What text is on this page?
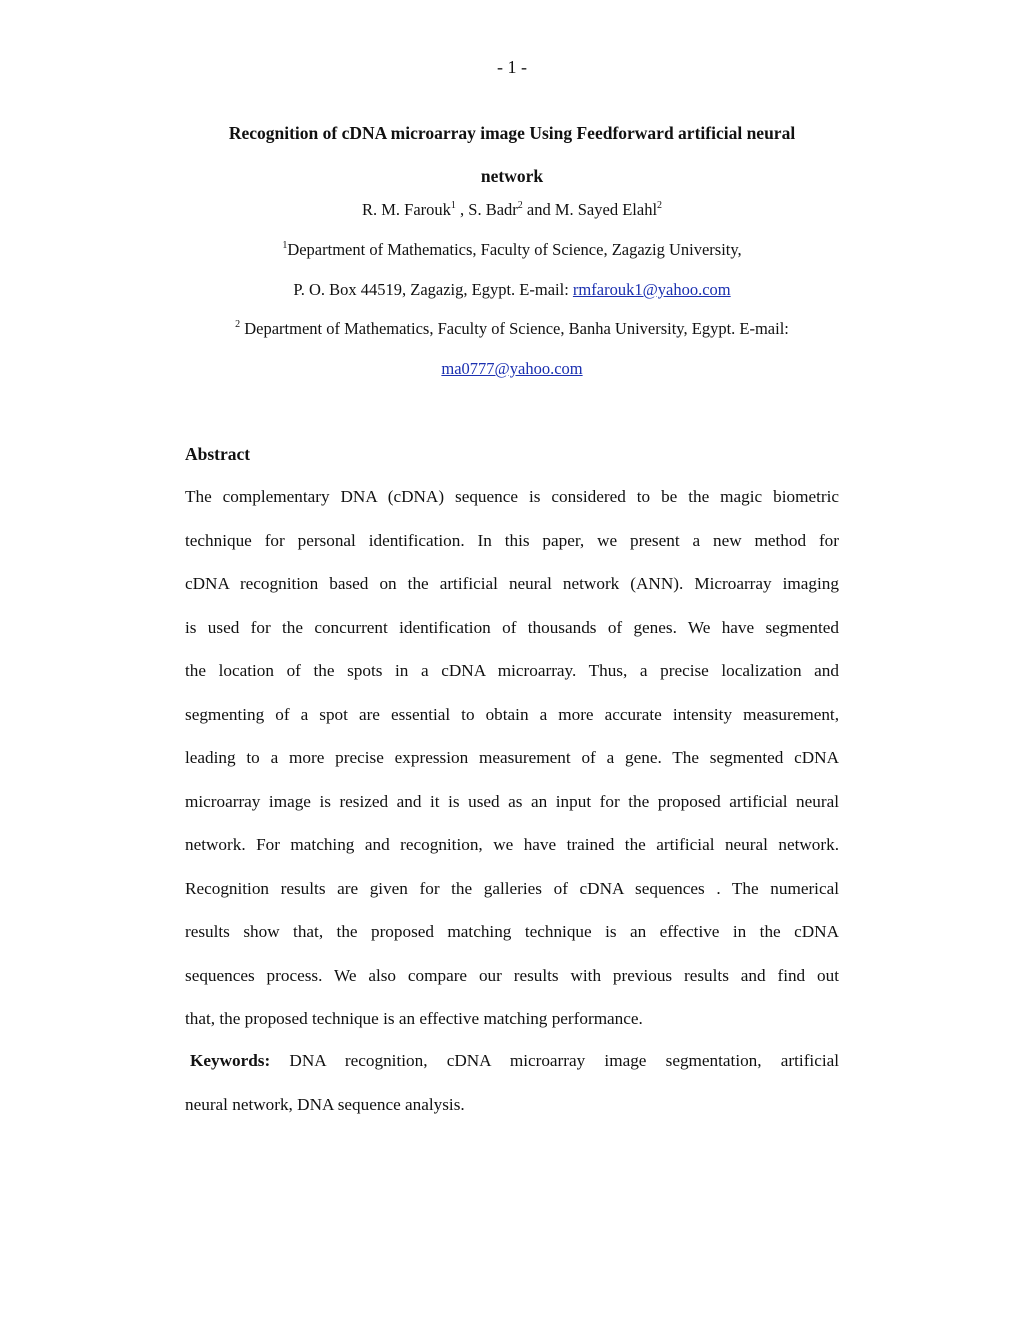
- 1 -
Recognition of cDNA microarray image Using Feedforward artificial neural
network
R. M. Farouk$^1$ , S. Badr$^2$ and M. Sayed Elahl$^2$
$^1$Department of Mathematics, Faculty of Science, Zagazig University,
P. O. Box 44519, Zagazig, Egypt. E-mail: rmfarouk1@yahoo.com
$^2$ Department of Mathematics, Faculty of Science, Banha University, Egypt. E-mail:
ma0777@yahoo.com
Abstract
The complementary DNA (cDNA) sequence is considered to be the magic biometric
technique for personal identification. In this paper, we present a new method for
cDNA recognition based on the artificial neural network (ANN). Microarray imaging
is used for the concurrent identification of thousands of genes. We have segmented
the location of the spots in a cDNA microarray. Thus, a precise localization and
segmenting of a spot are essential to obtain a more accurate intensity measurement,
leading to a more precise expression measurement of a gene. The segmented cDNA
microarray image is resized and it is used as an input for the proposed artificial neural
network. For matching and recognition, we have trained the artificial neural network.
Recognition results are given for the galleries of cDNA sequences . The numerical
results show that, the proposed matching technique is an effective in the cDNA
sequences process. We also compare our results with previous results and find out
that, the proposed technique is an effective matching performance.
Keywords: DNA recognition, cDNA microarray image segmentation, artificial
neural network, DNA sequence analysis.
